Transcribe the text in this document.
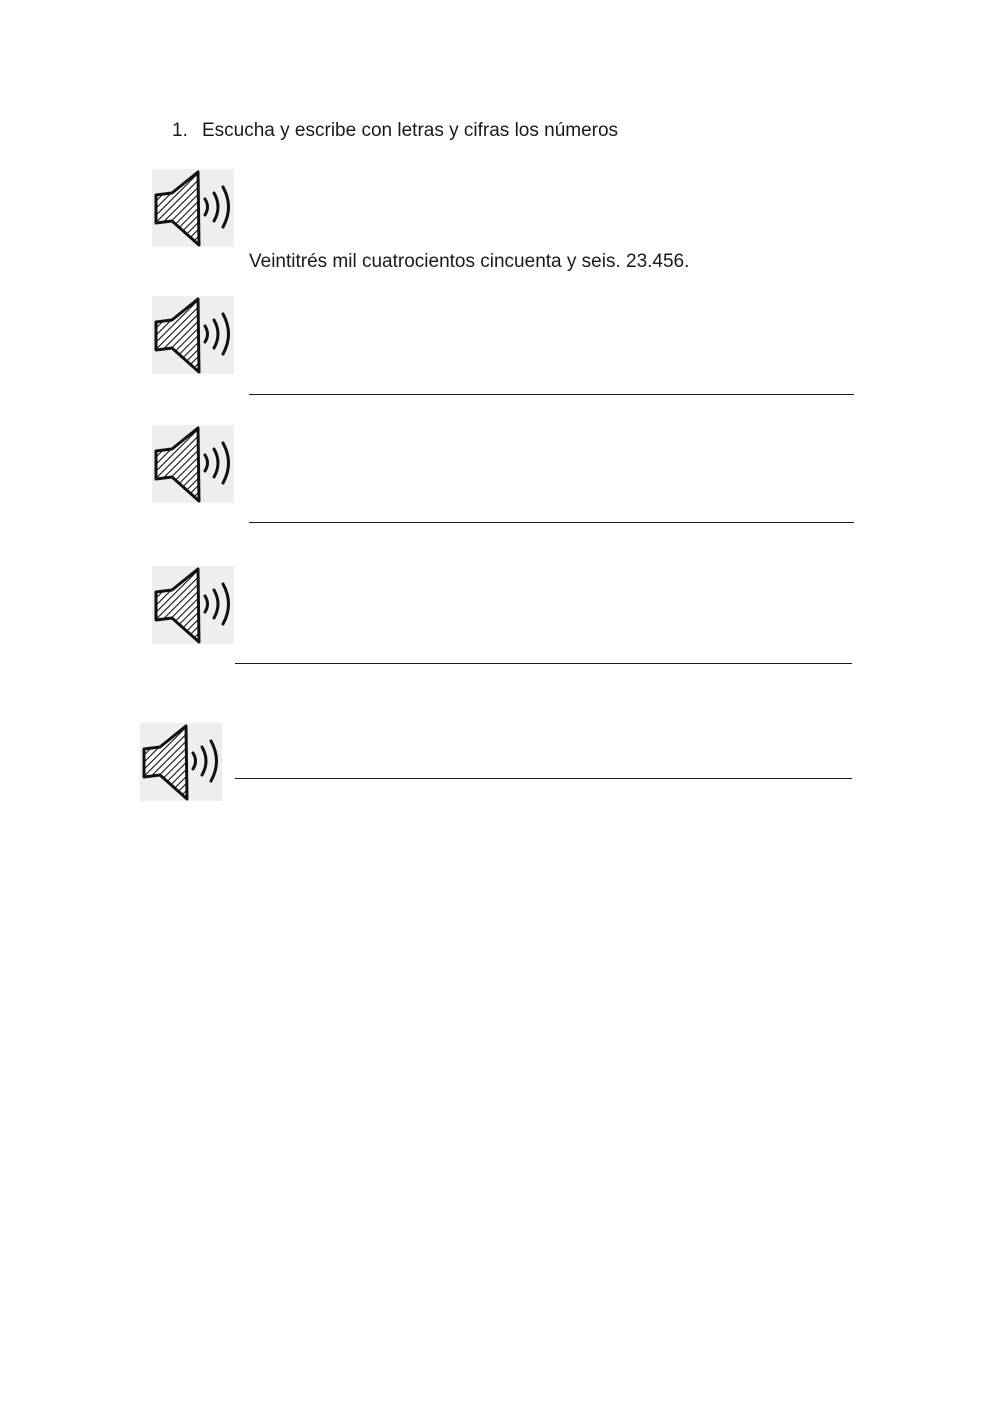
1. Escucha y escribe con letras y cifras los números
Veintitrés mil cuatrocientos cincuenta y seis. 23.456.
